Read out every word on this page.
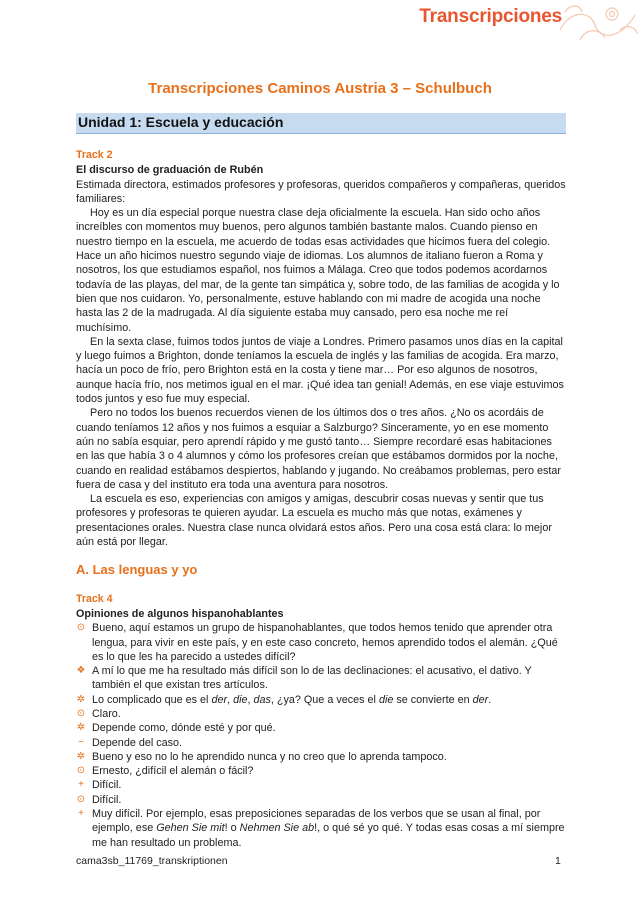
Transcripciones
Transcripciones Caminos Austria 3 – Schulbuch
Unidad 1: Escuela y educación
Track 2
El discurso de graduación de Rubén

Estimada directora, estimados profesores y profesoras, queridos compañeros y compañeras, queridos familiares:

Hoy es un día especial porque nuestra clase deja oficialmente la escuela. Han sido ocho años increíbles con momentos muy buenos, pero algunos también bastante malos. Cuando pienso en nuestro tiempo en la escuela, me acuerdo de todas esas actividades que hicimos fuera del colegio. Hace un año hicimos nuestro segundo viaje de idiomas. Los alumnos de italiano fueron a Roma y nosotros, los que estudiamos español, nos fuimos a Málaga. Creo que todos podemos acordarnos todavía de las playas, del mar, de la gente tan simpática y, sobre todo, de las familias de acogida y lo bien que nos cuidaron. Yo, personalmente, estuve hablando con mi madre de acogida una noche hasta las 2 de la madrugada. Al día siguiente estaba muy cansado, pero esa noche me reí muchísimo.

En la sexta clase, fuimos todos juntos de viaje a Londres. Primero pasamos unos días en la capital y luego fuimos a Brighton, donde teníamos la escuela de inglés y las familias de acogida. Era marzo, hacía un poco de frío, pero Brighton está en la costa y tiene mar… Por eso algunos de nosotros, aunque hacía frío, nos metimos igual en el mar. ¡Qué idea tan genial! Además, en ese viaje estuvimos todos juntos y eso fue muy especial.

Pero no todos los buenos recuerdos vienen de los últimos dos o tres años. ¿No os acordáis de cuando teníamos 12 años y nos fuimos a esquiar a Salzburgo? Sinceramente, yo en ese momento aún no sabía esquiar, pero aprendí rápido y me gustó tanto… Siempre recordaré esas habitaciones en las que había 3 o 4 alumnos y cómo los profesores creían que estábamos dormidos por la noche, cuando en realidad estábamos despiertos, hablando y jugando. No creábamos problemas, pero estar fuera de casa y del instituto era toda una aventura para nosotros.

La escuela es eso, experiencias con amigos y amigas, descubrir cosas nuevas y sentir que tus profesores y profesoras te quieren ayudar. La escuela es mucho más que notas, exámenes y presentaciones orales. Nuestra clase nunca olvidará estos años. Pero una cosa está clara: lo mejor aún está por llegar.

A. Las lenguas y yo
Track 4
Opiniones de algunos hispanohablantes
⊙ Bueno, aquí estamos un grupo de hispanohablantes, que todos hemos tenido que aprender otra lengua, para vivir en este país, y en este caso concreto, hemos aprendido todos el alemán. ¿Qué es lo que les ha parecido a ustedes difícil?
❖ A mí lo que me ha resultado más difícil son lo de las declinaciones: el acusativo, el dativo. Y también el que existan tres artículos.
✲ Lo complicado que es el der, die, das, ¿ya? Que a veces el die se convierte en der.
⊙ Claro.
✲ Depende como, dónde esté y por qué.
~ Depende del caso.
✲ Bueno y eso no lo he aprendido nunca y no creo que lo aprenda tampoco.
⊙ Ernesto, ¿difícil el alemán o fácil?
+ Difícil.
⊙ Difícil.
+ Muy difícil. Por ejemplo, esas preposiciones separadas de los verbos que se usan al final, por ejemplo, ese Gehen Sie mit! o Nehmen Sie ab!, o qué sé yo qué. Y todas esas cosas a mí siempre me han resultado un problema.
cama3sb_11769_transkriptionen	1
